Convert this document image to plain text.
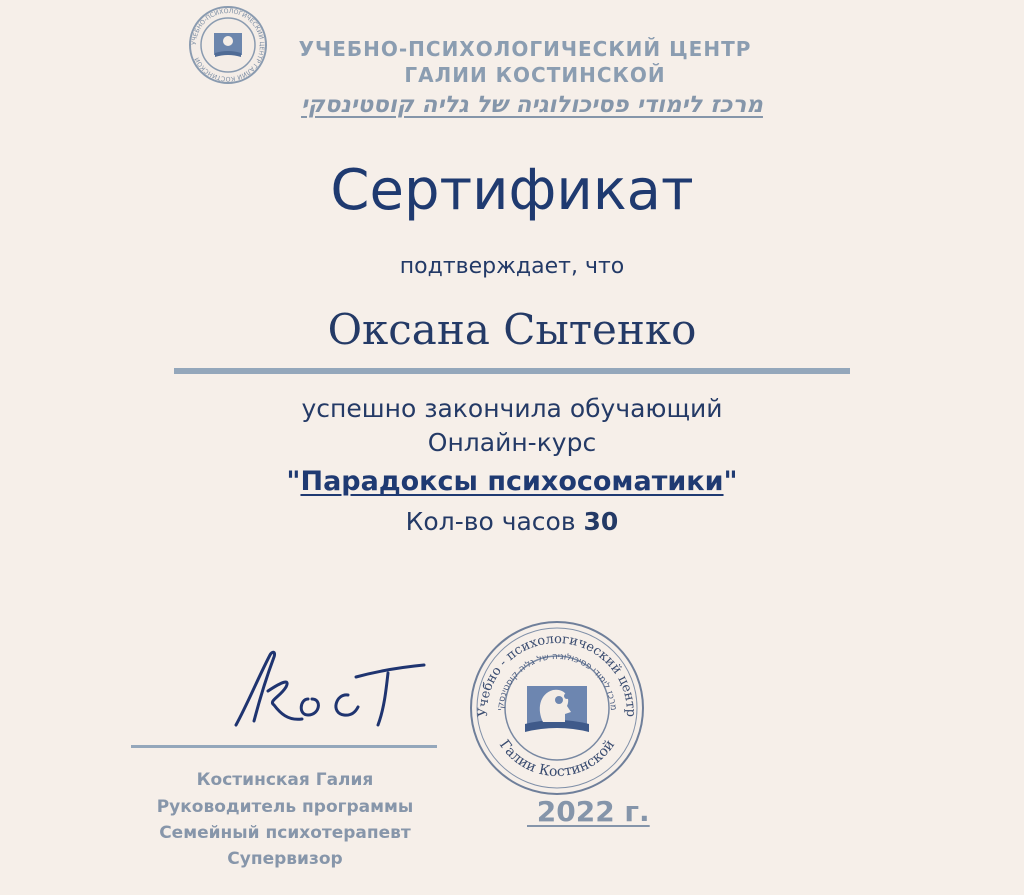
УЧЕБНО-ПСИХОЛОГИЧЕСКИЙ ЦЕНТР ГАЛИИ КОСТИНСКОЙ	УЧЕБНО-ПСИХОЛОГИЧЕСКИЙ ЦЕНТР
ГАЛИИ КОСТИНСКОЙ
מרכז לימודי פסיכולוגיה של גליה קוסטינסקי
Сертификат
подтверждает, что
Оксана Сытенко
успешно закончила обучающий
Онлайн-курс
"Парадоксы психосоматики"
Кол-во часов 30
Костинская Галия
Руководитель программы
Семейный психотерапевт
Супервизор
Учебно - психологический центр
Галии Костинской
מרכז לימודי פסיכולוגיה של גליה קוסטינסקי
2022 г.
